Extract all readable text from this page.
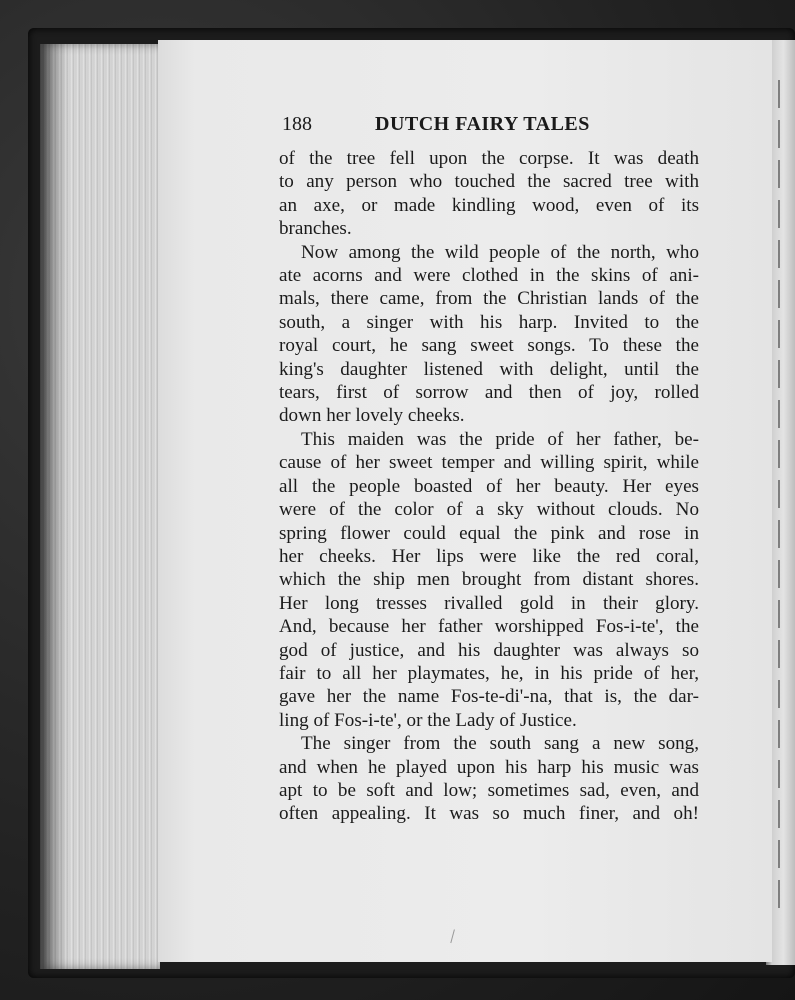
188	DUTCH FAIRY TALES
of the tree fell upon the corpse. It was death
to any person who touched the sacred tree with
an axe, or made kindling wood, even of its
branches.
Now among the wild people of the north, who
ate acorns and were clothed in the skins of ani-
mals, there came, from the Christian lands of the
south, a singer with his harp. Invited to the
royal court, he sang sweet songs. To these the
king's daughter listened with delight, until the
tears, first of sorrow and then of joy, rolled
down her lovely cheeks.
This maiden was the pride of her father, be-
cause of her sweet temper and willing spirit, while
all the people boasted of her beauty. Her eyes
were of the color of a sky without clouds. No
spring flower could equal the pink and rose in
her cheeks. Her lips were like the red coral,
which the ship men brought from distant shores.
Her long tresses rivalled gold in their glory.
And, because her father worshipped Fos-i-te', the
god of justice, and his daughter was always so
fair to all her playmates, he, in his pride of her,
gave her the name Fos-te-di'-na, that is, the dar-
ling of Fos-i-te', or the Lady of Justice.
The singer from the south sang a new song,
and when he played upon his harp his music was
apt to be soft and low; sometimes sad, even, and
often appealing. It was so much finer, and oh!
